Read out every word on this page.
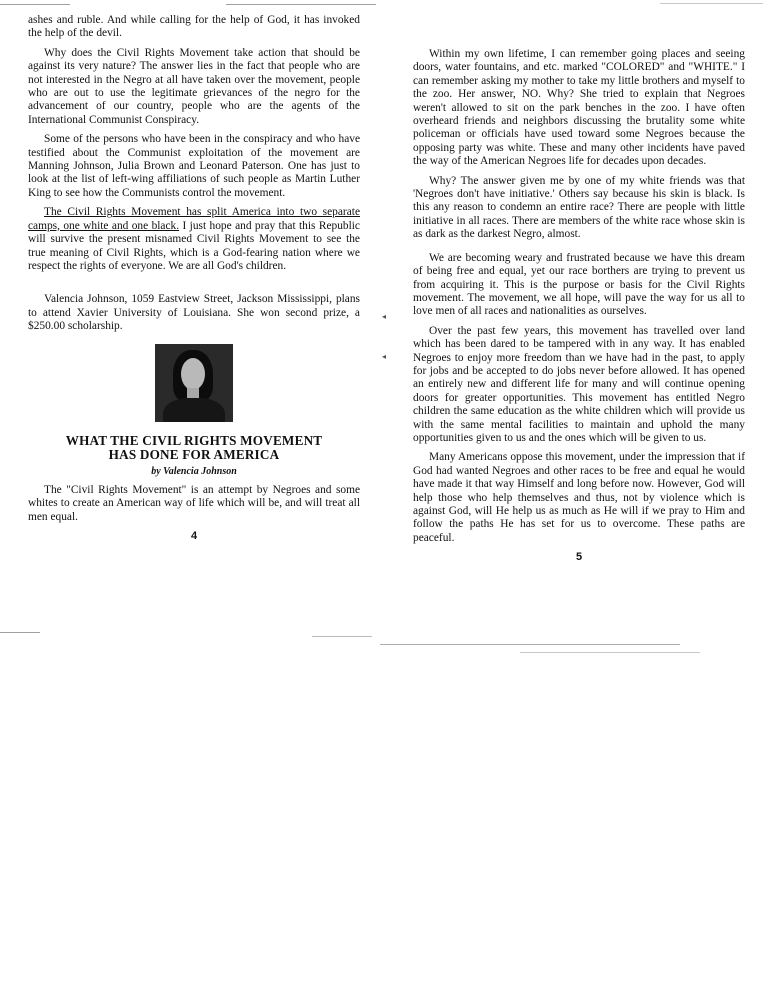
◂
◂

ashes and ruble. And while calling for the help of God, it has invoked the help of the devil.

Why does the Civil Rights Movement take action that should be against its very nature? The answer lies in the fact that people who are not interested in the Negro at all have taken over the movement, people who are out to use the legitimate grievances of the negro for the advancement of our country, people who are the agents of the International Communist Conspiracy.

Some of the persons who have been in the conspiracy and who have testified about the Communist exploitation of the movement are Manning Johnson, Julia Brown and Leonard Paterson. One has just to look at the list of left-wing affiliations of such people as Martin Luther King to see how the Communists control the movement.

The Civil Rights Movement has split America into two separate camps, one white and one black. I just hope and pray that this Republic will survive the present misnamed Civil Rights Movement to see the true meaning of Civil Rights, which is a God-fearing nation where we respect the rights of everyone. We are all God's children.

Valencia Johnson, 1059 Eastview Street, Jackson Mississippi, plans to attend Xavier University of Louisiana. She won second prize, a $250.00 scholarship.

WHAT THE CIVIL RIGHTS MOVEMENT
HAS DONE FOR AMERICA
by Valencia Johnson

The "Civil Rights Movement" is an attempt by Negroes and some whites to create an American way of life which will be, and will treat all men equal.

4

Within my own lifetime, I can remember going places and seeing doors, water fountains, and etc. marked "COLORED" and "WHITE." I can remember asking my mother to take my little brothers and myself to the zoo. Her answer, NO. Why? She tried to explain that Negroes weren't allowed to sit on the park benches in the zoo. I have often overheard friends and neighbors discussing the brutality some white policeman or officials have used toward some Negroes because the opposing party was white. These and many other incidents have paved the way of the American Negroes life for decades upon decades.

Why? The answer given me by one of my white friends was that 'Negroes don't have initiative.' Others say because his skin is black. Is this any reason to condemn an entire race? There are people with little initiative in all races. There are members of the white race whose skin is as dark as the darkest Negro, almost.

We are becoming weary and frustrated because we have this dream of being free and equal, yet our race borthers are trying to prevent us from acquiring it. This is the purpose or basis for the Civil Rights movement. The movement, we all hope, will pave the way for us all to love men of all races and nationalities as ourselves.

Over the past few years, this movement has travelled over land which has been dared to be tampered with in any way. It has enabled Negroes to enjoy more freedom than we have had in the past, to apply for jobs and be accepted to do jobs never before allowed. It has opened an entirely new and different life for many and will continue opening doors for greater opportunities. This movement has entitled Negro children the same education as the white children which will provide us with the same mental facilities to maintain and uphold the many opportunities given to us and the ones which will be given to us.

Many Americans oppose this movement, under the impression that if God had wanted Negroes and other races to be free and equal he would have made it that way Himself and long before now. However, God will help those who help themselves and thus, not by violence which is against God, will He help us as much as He will if we pray to Him and follow the paths He has set for us to overcome. These paths are peaceful.

5
